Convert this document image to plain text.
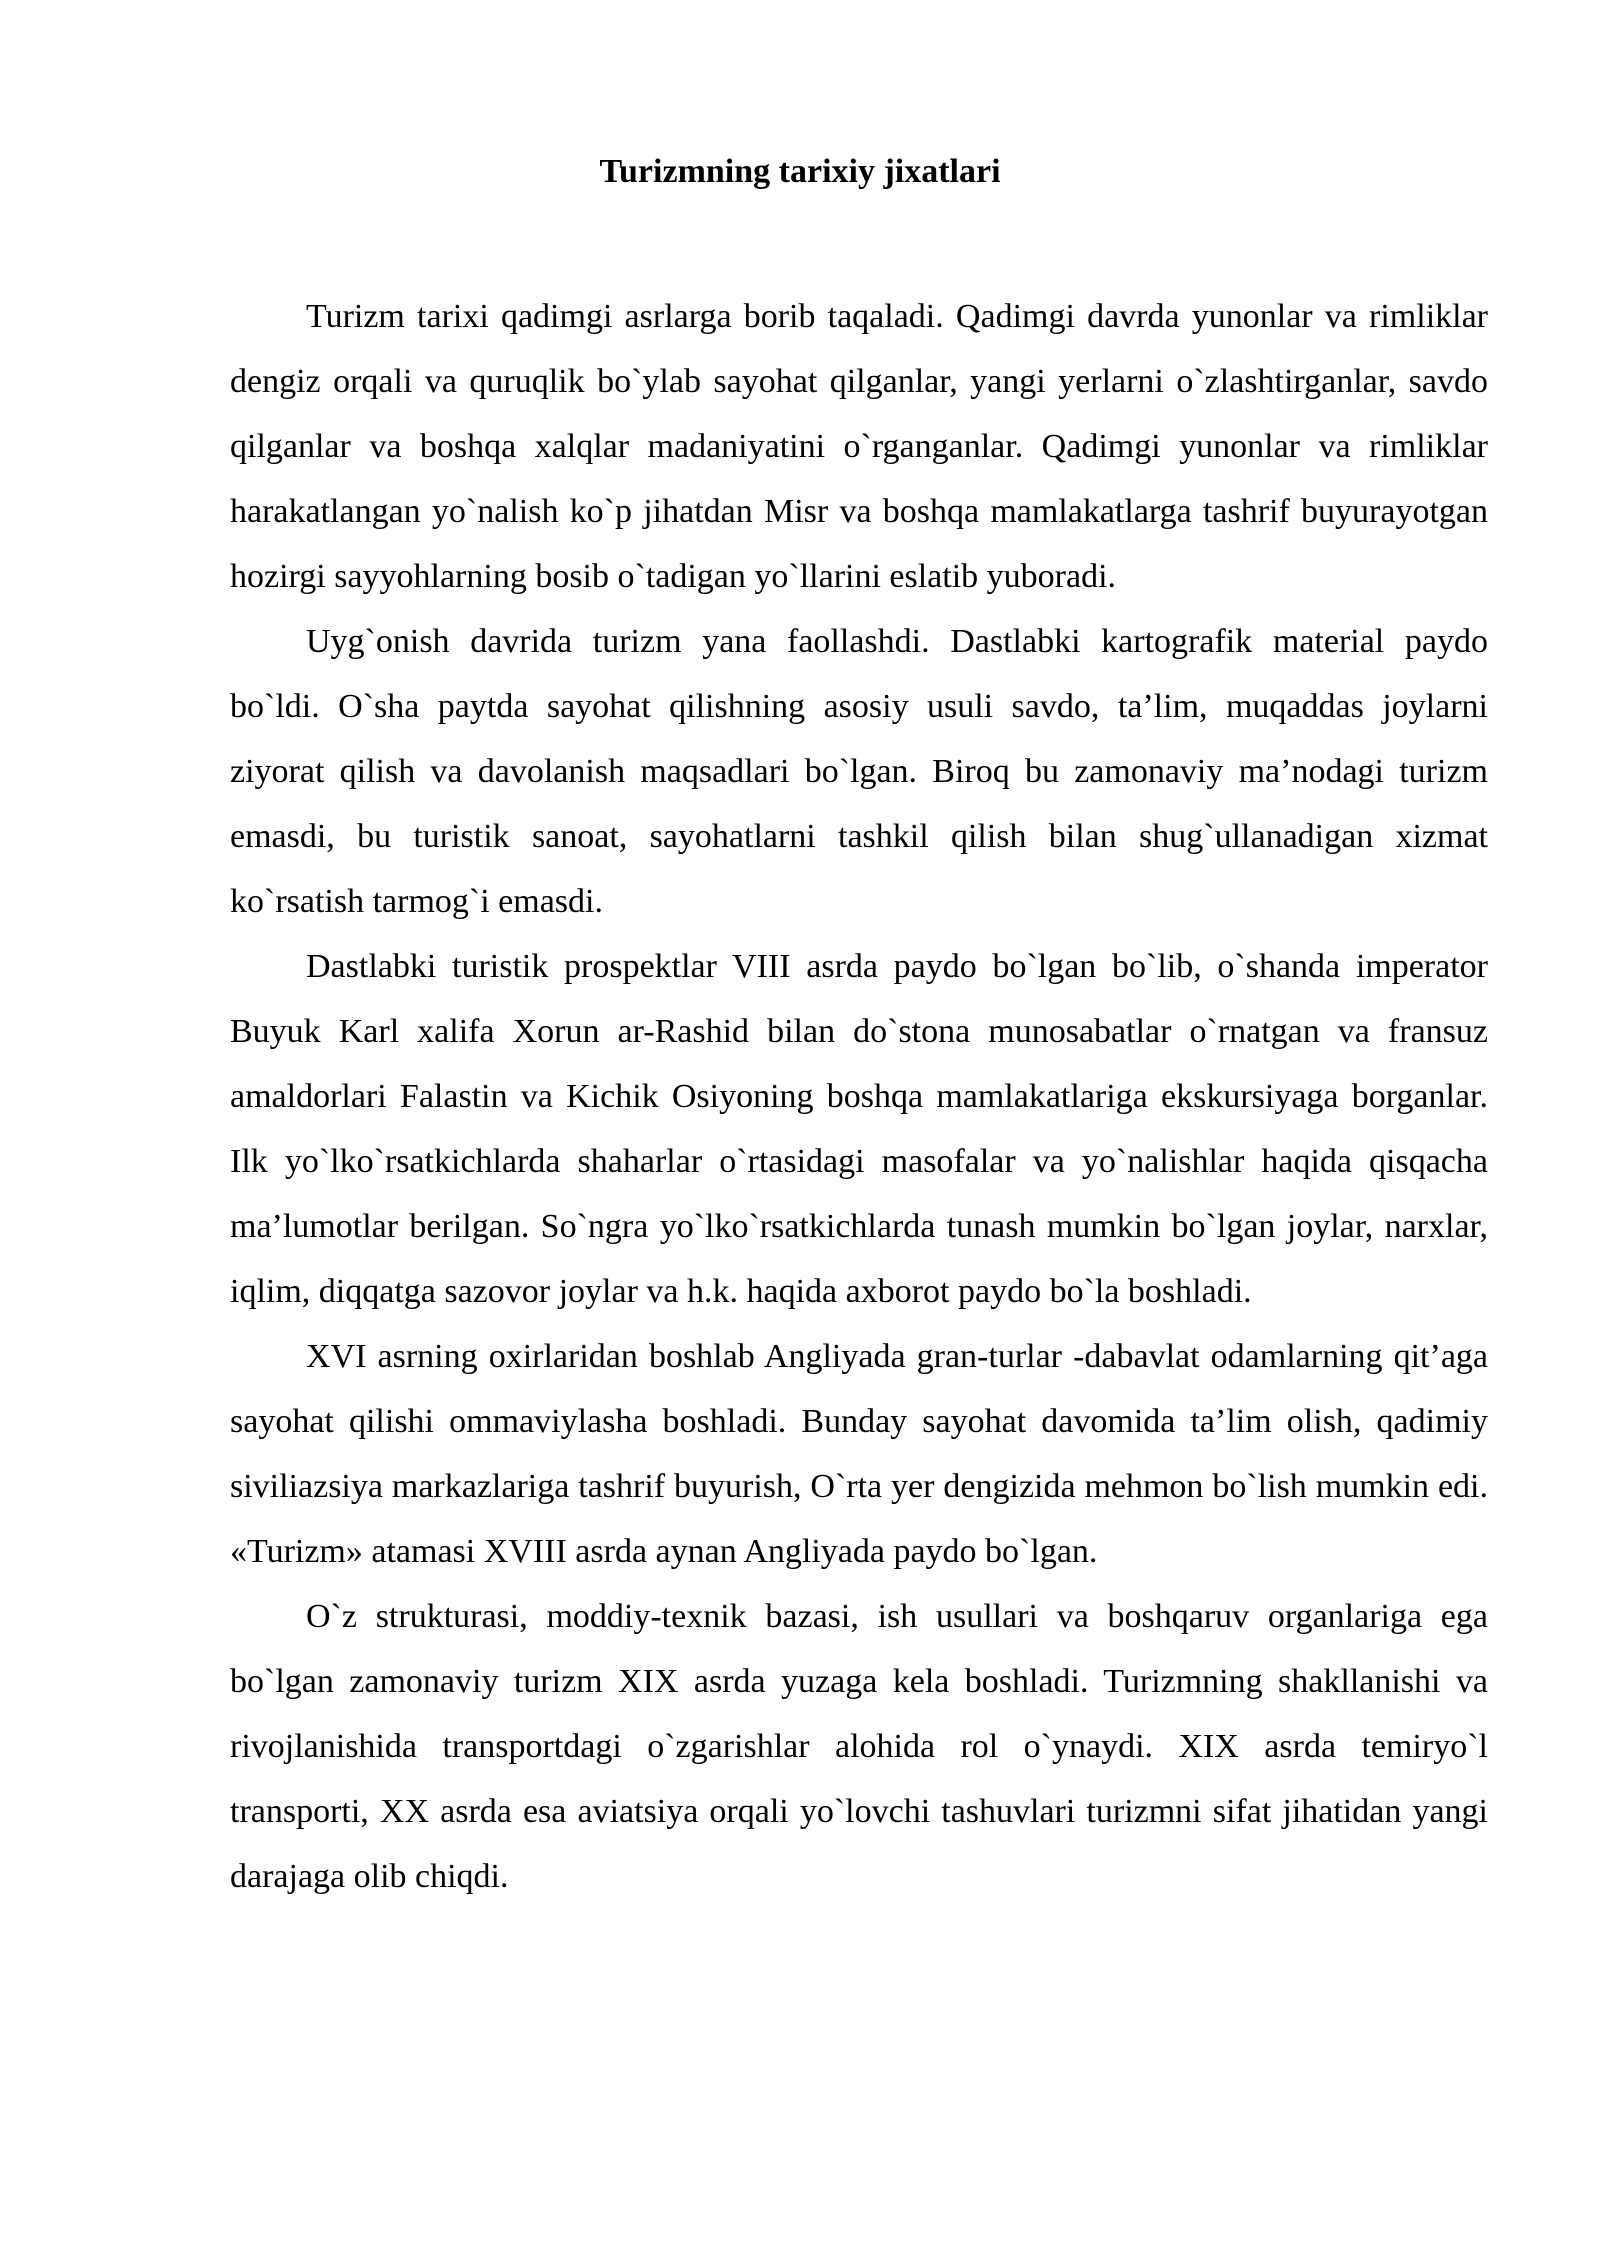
Turizmning tarixiy jixatlari

Turizm tarixi qadimgi asrlarga borib taqaladi. Qadimgi davrda yunonlar va rimliklar dengiz orqali va quruqlik bo`ylab sayohat qilganlar, yangi yerlarni o`zlashtirganlar, savdo qilganlar va boshqa xalqlar madaniyatini o`rganganlar. Qadimgi yunonlar va rimliklar harakatlangan yo`nalish ko`p jihatdan Misr va boshqa mamlakatlarga tashrif buyurayotgan hozirgi sayyohlarning bosib o`tadigan yo`llarini eslatib yuboradi.

Uyg`onish davrida turizm yana faollashdi. Dastlabki kartografik material paydo bo`ldi. O`sha paytda sayohat qilishning asosiy usuli savdo, ta’lim, muqaddas joylarni ziyorat qilish va davolanish maqsadlari bo`lgan. Biroq bu zamonaviy ma’nodagi turizm emasdi, bu turistik sanoat, sayohatlarni tashkil qilish bilan shug`ullanadigan xizmat ko`rsatish tarmog`i emasdi.

Dastlabki turistik prospektlar VIII asrda paydo bo`lgan bo`lib, o`shanda imperator Buyuk Karl xalifa Xorun ar-Rashid bilan do`stona munosabatlar o`rnatgan va fransuz amaldorlari Falastin va Kichik Osiyoning boshqa mamlakatlariga ekskursiyaga borganlar. Ilk yo`lko`rsatkichlarda shaharlar o`rtasidagi masofalar va yo`nalishlar haqida qisqacha ma’lumotlar berilgan. So`ngra yo`lko`rsatkichlarda tunash mumkin bo`lgan joylar, narxlar, iqlim, diqqatga sazovor joylar va h.k. haqida axborot paydo bo`la boshladi.

XVI asrning oxirlaridan boshlab Angliyada gran-turlar -dabavlat odamlarning qit’aga sayohat qilishi ommaviylasha boshladi. Bunday sayohat davomida ta’lim olish, qadimiy siviliazsiya markazlariga tashrif buyurish, O`rta yer dengizida mehmon bo`lish mumkin edi. «Turizm» atamasi XVIII asrda aynan Angliyada paydo bo`lgan.

O`z strukturasi, moddiy-texnik bazasi, ish usullari va boshqaruv organlariga ega bo`lgan zamonaviy turizm XIX asrda yuzaga kela boshladi. Turizmning shakllanishi va rivojlanishida transportdagi o`zgarishlar alohida rol o`ynaydi. XIX asrda temiryo`l transporti, XX asrda esa aviatsiya orqali yo`lovchi tashuvlari turizmni sifat jihatidan yangi darajaga olib chiqdi.
